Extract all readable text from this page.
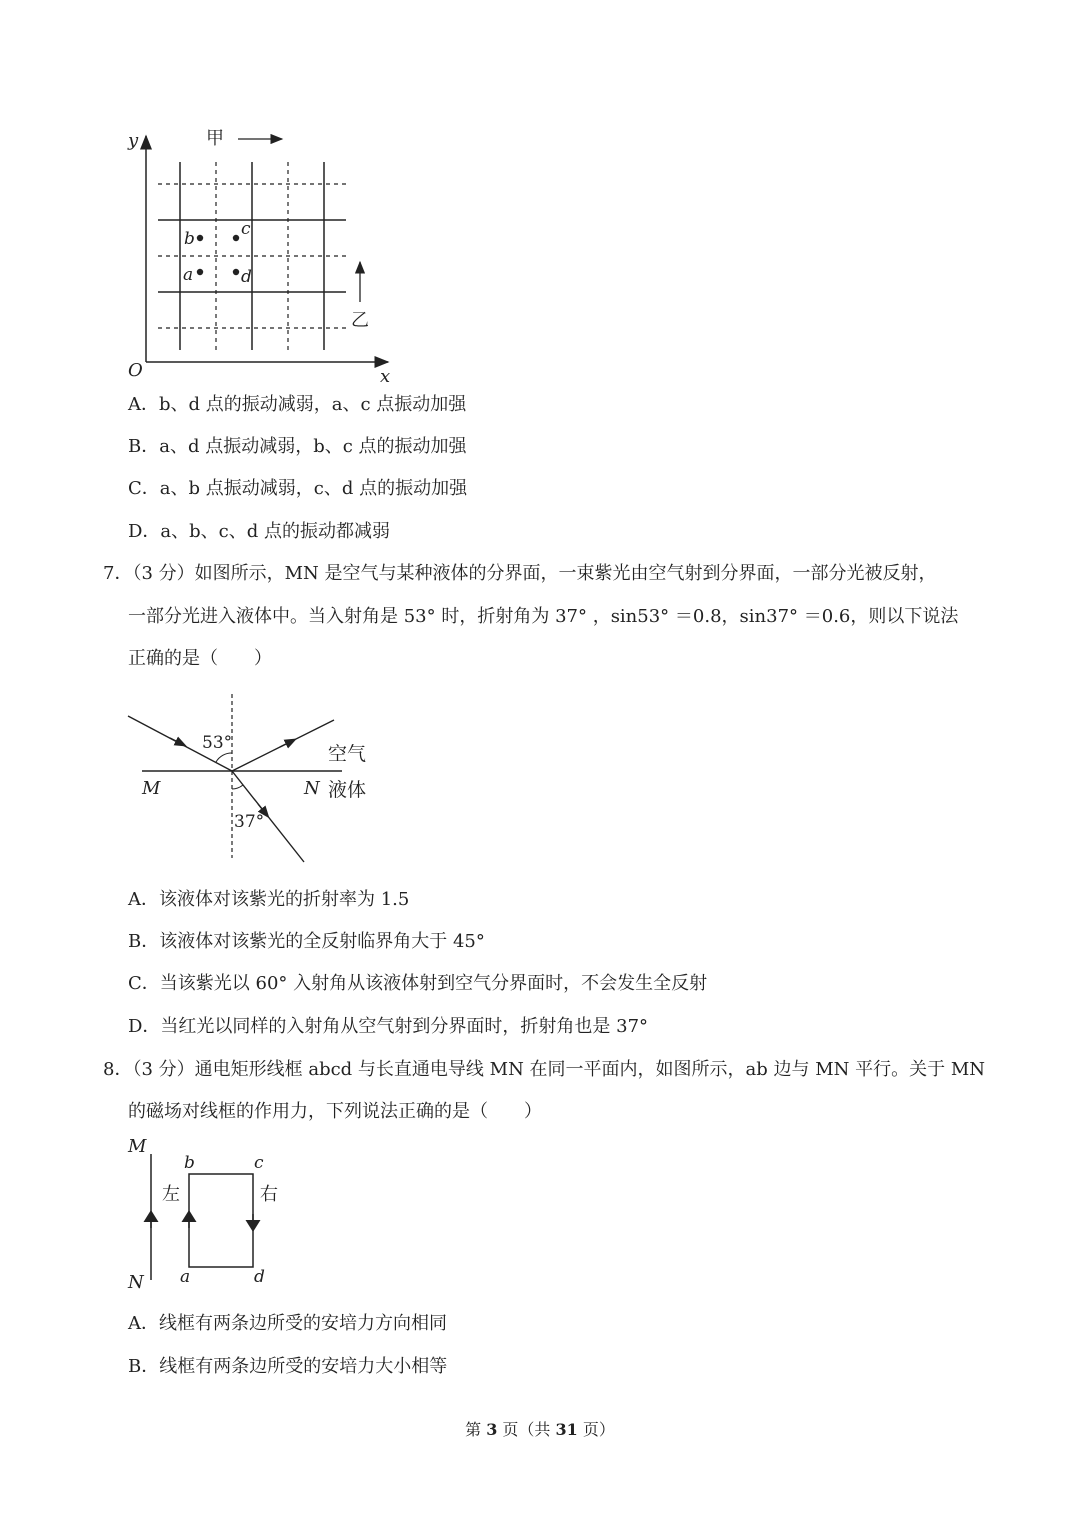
y
x
O
b	c
a	d
甲
乙
A．b、d 点的振动减弱，a、c 点振动加强
B．a、d 点振动减弱，b、c 点的振动加强
C．a、b 点振动减弱，c、d 点的振动加强
D．a、b、c、d 点的振动都减弱
7．（3 分）如图所示，MN 是空气与某种液体的分界面，一束紫光由空气射到分界面，一部分光被反射，
一部分光进入液体中。当入射角是 53° 时，折射角为 37° ，sin53° ＝0.8，sin37° ＝0.6，则以下说法
正确的是（　　）
53°
37°
M	N
空气
液体
A．该液体对该紫光的折射率为 1.5
B．该液体对该紫光的全反射临界角大于 45°
C．当该紫光以 60° 入射角从该液体射到空气分界面时，不会发生全反射
D．当红光以同样的入射角从空气射到分界面时，折射角也是 37°
8．（3 分）通电矩形线框 abcd 与长直通电导线 MN 在同一平面内，如图所示，ab 边与 MN 平行。关于 MN
的磁场对线框的作用力，下列说法正确的是（　　）
M
N
b	c
a	d
左	右
A．线框有两条边所受的安培力方向相同
B．线框有两条边所受的安培力大小相等
第 3 页（共 31 页）
